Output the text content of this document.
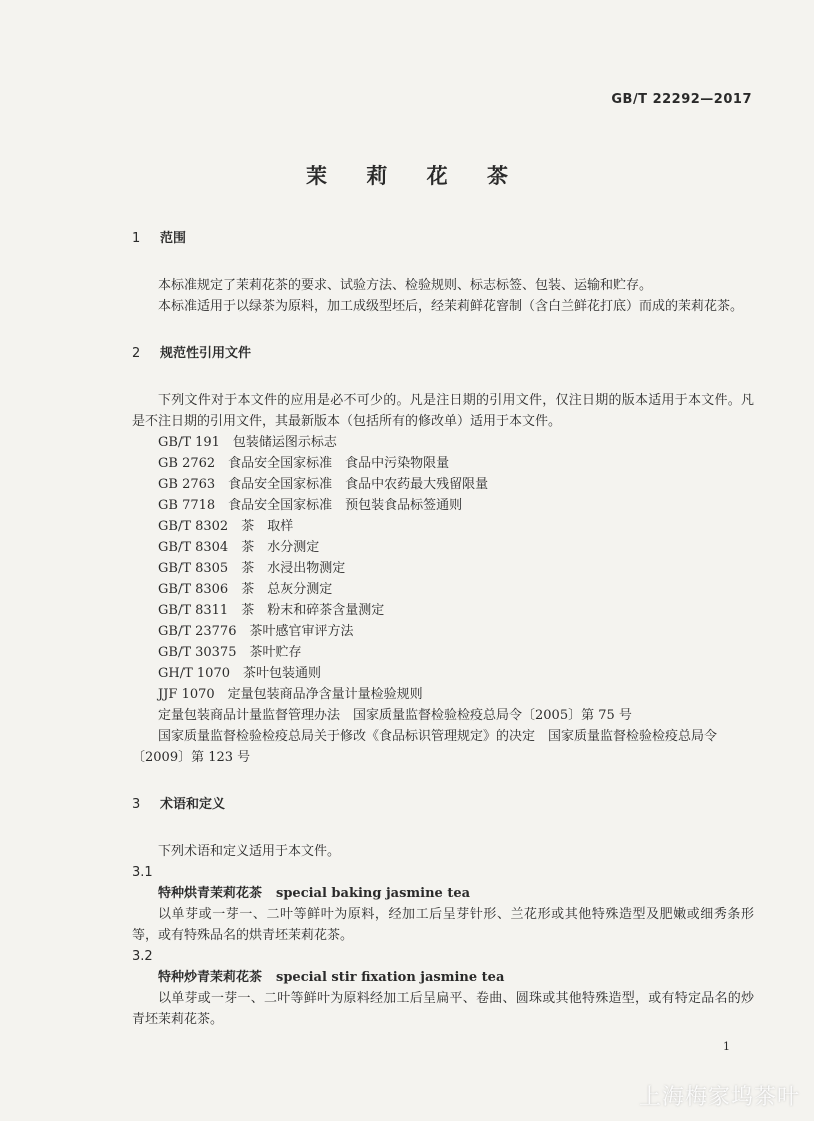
GB/T 22292—2017
茉 莉 花 茶
1 范围
本标准规定了茉莉花茶的要求、试验方法、检验规则、标志标签、包装、运输和贮存。
本标准适用于以绿茶为原料，加工成级型坯后，经茉莉鲜花窨制（含白兰鲜花打底）而成的茉莉花茶。
2 规范性引用文件
下列文件对于本文件的应用是必不可少的。凡是注日期的引用文件，仅注日期的版本适用于本文件。凡是不注日期的引用文件，其最新版本（包括所有的修改单）适用于本文件。
GB/T 191　包装储运图示标志
GB 2762　食品安全国家标准　食品中污染物限量
GB 2763　食品安全国家标准　食品中农药最大残留限量
GB 7718　食品安全国家标准　预包装食品标签通则
GB/T 8302　茶　取样
GB/T 8304　茶　水分测定
GB/T 8305　茶　水浸出物测定
GB/T 8306　茶　总灰分测定
GB/T 8311　茶　粉末和碎茶含量测定
GB/T 23776　茶叶感官审评方法
GB/T 30375　茶叶贮存
GH/T 1070　茶叶包装通则
JJF 1070　定量包装商品净含量计量检验规则
定量包装商品计量监督管理办法　国家质量监督检验检疫总局令〔2005〕第 75 号
国家质量监督检验检疫总局关于修改《食品标识管理规定》的决定　国家质量监督检验检疫总局令
〔2009〕第 123 号
3 术语和定义
下列术语和定义适用于本文件。
3.1
特种烘青茉莉花茶 special baking jasmine tea
以单芽或一芽一、二叶等鲜叶为原料，经加工后呈芽针形、兰花形或其他特殊造型及肥嫩或细秀条形等，或有特殊品名的烘青坯茉莉花茶。
3.2
特种炒青茉莉花茶 special stir fixation jasmine tea
以单芽或一芽一、二叶等鲜叶为原料经加工后呈扁平、卷曲、圆珠或其他特殊造型，或有特定品名的炒青坯茉莉花茶。
1
上海梅家坞茶叶
